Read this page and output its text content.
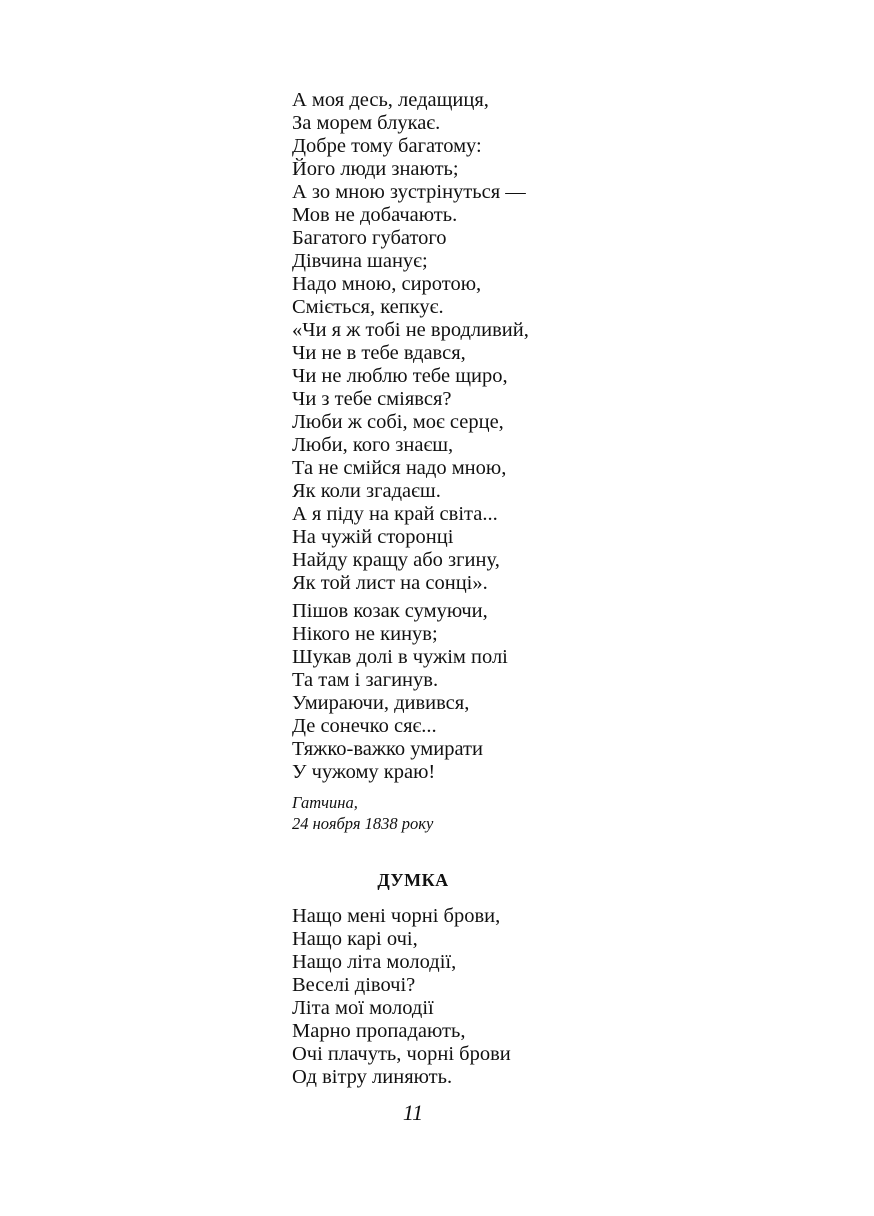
А моя десь, ледащиця,
За морем блукає.
Добре тому багатому:
Його люди знають;
А зо мною зустрінуться —
Мов не добачають.
Багатого губатого
Дівчина шанує;
Надо мною, сиротою,
Сміється, кепкує.
«Чи я ж тобі не вродливий,
Чи не в тебе вдався,
Чи не люблю тебе щиро,
Чи з тебе сміявся?
Люби ж собі, моє серце,
Люби, кого знаєш,
Та не смійся надо мною,
Як коли згадаєш.
А я піду на край світа...
На чужій сторонці
Найду кращу або згину,
Як той лист на сонці».
Пішов козак сумуючи,
Нікого не кинув;
Шукав долі в чужім полі
Та там і загинув.
Умираючи, дивився,
Де сонечко сяє...
Тяжко-важко умирати
У чужому краю!
Гатчина,
24 ноября 1838 року
ДУМКА
Нащо мені чорні брови,
Нащо карі очі,
Нащо літа молодії,
Веселі дівочі?
Літа мої молодії
Марно пропадають,
Очі плачуть, чорні брови
Од вітру линяють.
11
